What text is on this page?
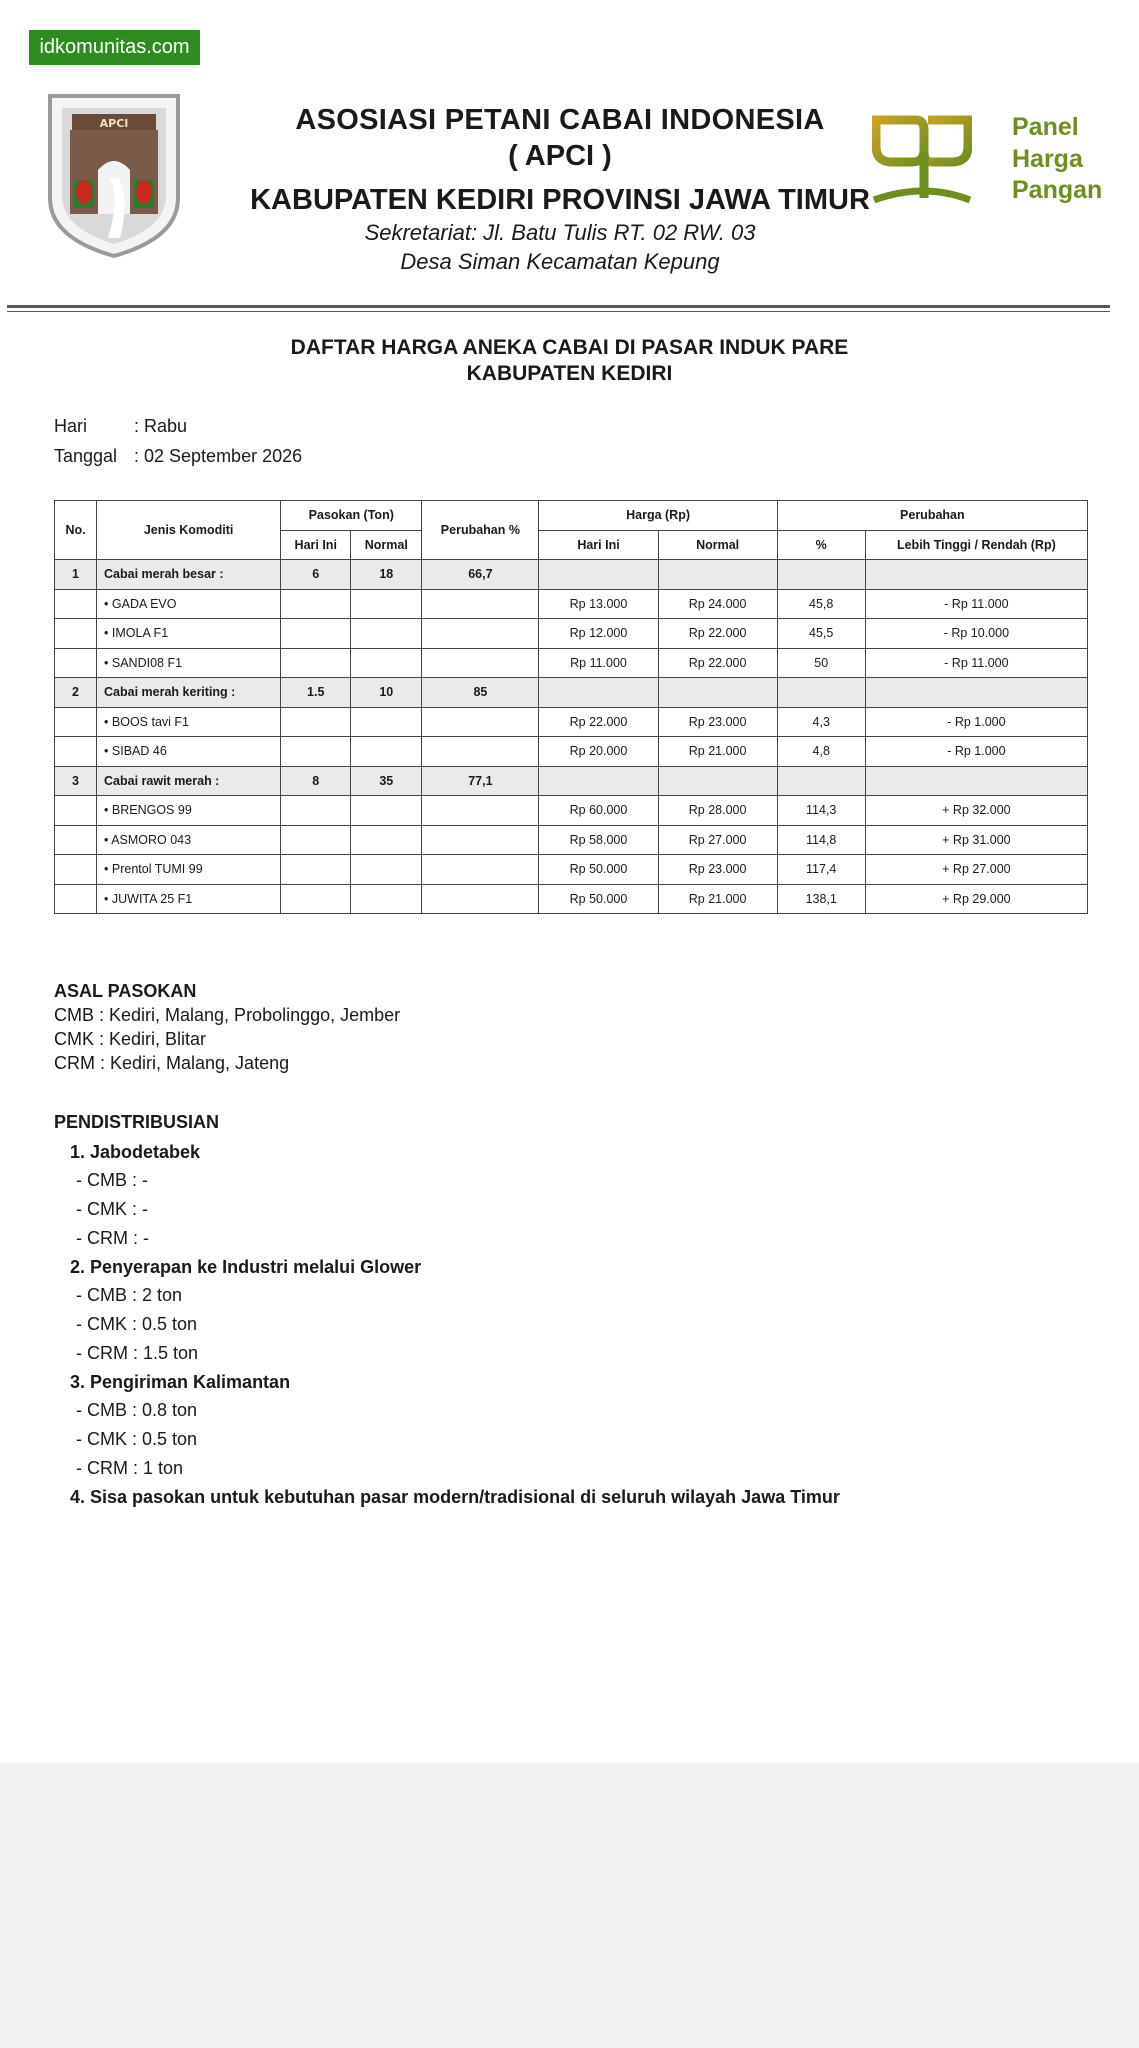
idkomunitas.com
APCI	ASOSIASI PETANI CABAI INDONESIA
( APCI )
KABUPATEN KEDIRI PROVINSI JAWA TIMUR
Sekretariat: Jl. Batu Tulis RT. 02 RW. 03
Desa Siman Kecamatan Kepung
Panel
Harga
Pangan
DAFTAR HARGA ANEKA CABAI DI PASAR INDUK PARE
KABUPATEN KEDIRI
Hari	: Rabu
Tanggal : 02 September 2026
No.	Jenis Komoditi	Pasokan (Ton)		Perubahan %	Harga (Rp)		Perubahan	
		Hari Ini	Normal		Hari Ini	Normal	%	Lebih Tinggi / Rendah (Rp)
1	Cabai merah besar :	6	18	66,7				
	• GADA EVO				Rp 13.000	Rp 24.000	45,8	- Rp 11.000
	• IMOLA F1				Rp 12.000	Rp 22.000	45,5	- Rp 10.000
	• SANDI08 F1				Rp 11.000	Rp 22.000	50	- Rp 11.000
2	Cabai merah keriting :	1.5	10	85				
	• BOOS tavi F1				Rp 22.000	Rp 23.000	4,3	- Rp 1.000
	• SIBAD 46				Rp 20.000	Rp 21.000	4,8	- Rp 1.000
3	Cabai rawit merah :	8	35	77,1				
	• BRENGOS 99				Rp 60.000	Rp 28.000	114,3	+ Rp 32.000
	• ASMORO 043				Rp 58.000	Rp 27.000	114,8	+ Rp 31.000
	• Prentol TUMI 99				Rp 50.000	Rp 23.000	117,4	+ Rp 27.000
	• JUWITA 25 F1				Rp 50.000	Rp 21.000	138,1	+ Rp 29.000
ASAL PASOKAN
CMB : Kediri, Malang, Probolinggo, Jember
CMK : Kediri, Blitar
CRM : Kediri, Malang, Jateng
PENDISTRIBUSIAN
1. Jabodetabek
- CMB : -
- CMK : -
- CRM : -
2. Penyerapan ke Industri melalui Glower
- CMB : 2 ton
- CMK : 0.5 ton
- CRM : 1.5 ton
3. Pengiriman Kalimantan
- CMB : 0.8 ton
- CMK : 0.5 ton
- CRM : 1 ton
4. Sisa pasokan untuk kebutuhan pasar modern/tradisional di seluruh wilayah Jawa Timur
